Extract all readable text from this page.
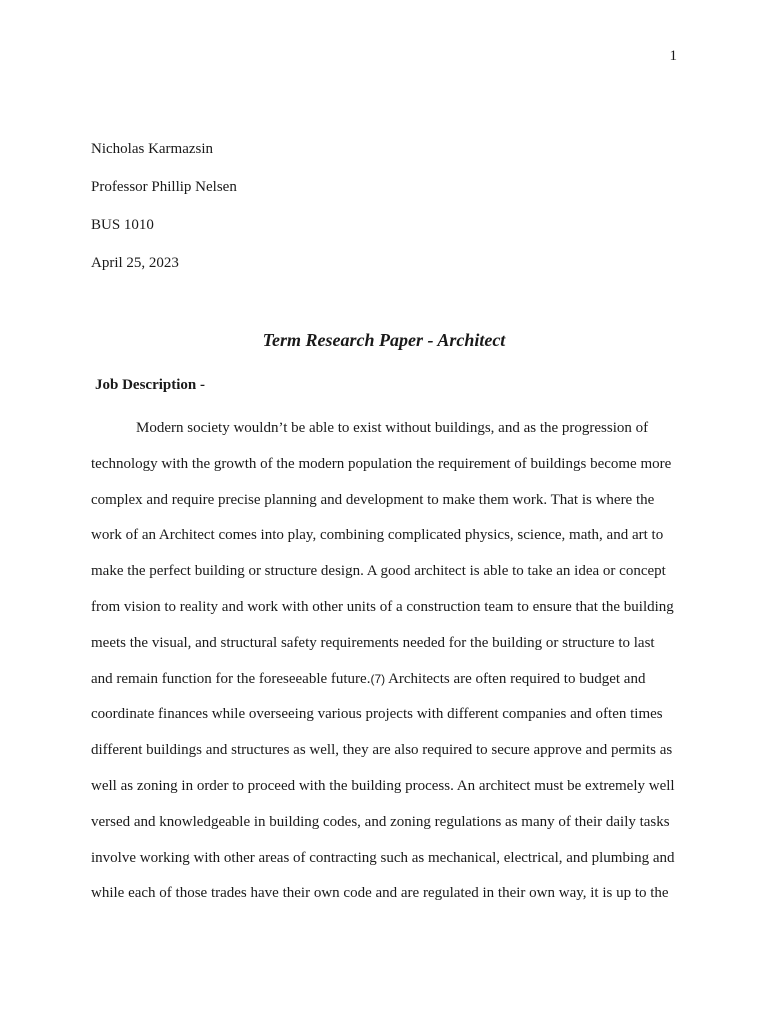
1
Nicholas Karmazsin
Professor Phillip Nelsen
BUS 1010
April 25, 2023
Term Research Paper - Architect
Job Description -
Modern society wouldn’t be able to exist without buildings, and as the progression of
technology with the growth of the modern population the requirement of buildings become more
complex and require precise planning and development to make them work. That is where the
work of an Architect comes into play, combining complicated physics, science, math, and art to
make the perfect building or structure design. A good architect is able to take an idea or concept
from vision to reality and work with other units of a construction team to ensure that the building
meets the visual, and structural safety requirements needed for the building or structure to last
and remain function for the foreseeable future.(7) Architects are often required to budget and
coordinate finances while overseeing various projects with different companies and often times
different buildings and structures as well, they are also required to secure approve and permits as
well as zoning in order to proceed with the building process. An architect must be extremely well
versed and knowledgeable in building codes, and zoning regulations as many of their daily tasks
involve working with other areas of contracting such as mechanical, electrical, and plumbing and
while each of those trades have their own code and are regulated in their own way, it is up to the
